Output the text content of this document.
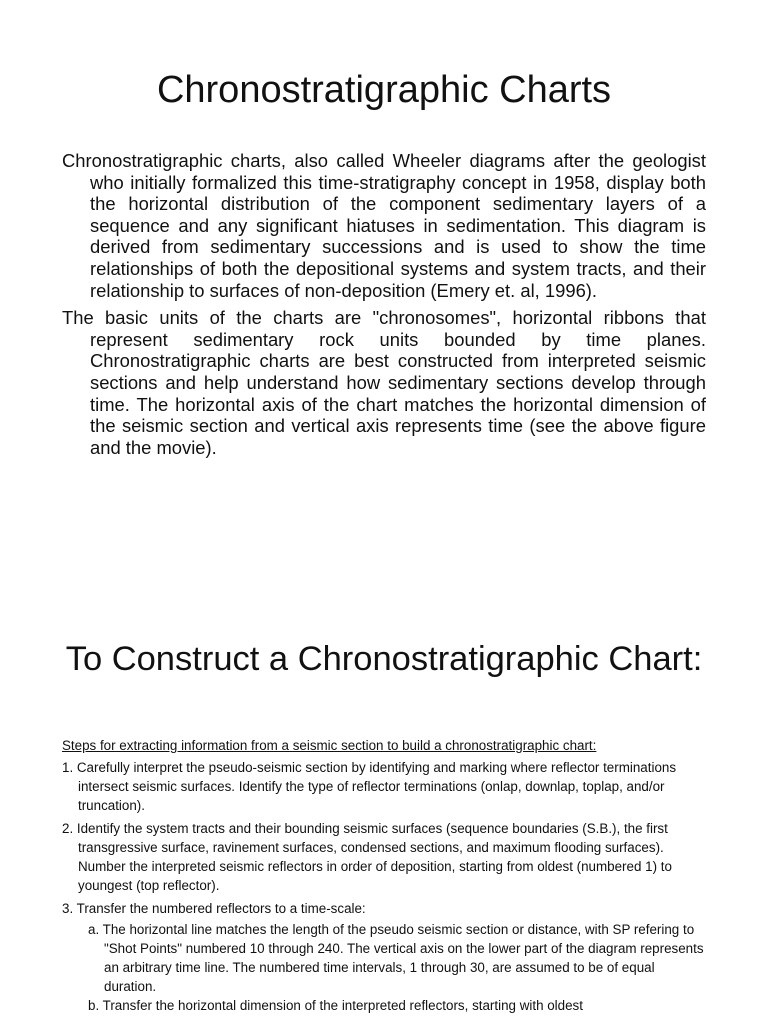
Chronostratigraphic Charts

Chronostratigraphic charts, also called Wheeler diagrams after the geologist who initially formalized this time-stratigraphy concept in 1958, display both the horizontal distribution of the component sedimentary layers of a sequence and any significant hiatuses in sedimentation. This diagram is derived from sedimentary successions and is used to show the time relationships of both the depositional systems and system tracts, and their relationship to surfaces of non-deposition (Emery et. al, 1996).

The basic units of the charts are "chronosomes", horizontal ribbons that represent sedimentary rock units bounded by time planes. Chronostratigraphic charts are best constructed from interpreted seismic sections and help understand how sedimentary sections develop through time. The horizontal axis of the chart matches the horizontal dimension of the seismic section and vertical axis represents time (see the above figure and the movie).

To Construct a Chronostratigraphic Chart:

Steps for extracting information from a seismic section to build a chronostratigraphic chart:

1. Carefully interpret the pseudo-seismic section by identifying and marking where reflector terminations intersect seismic surfaces. Identify the type of reflector terminations (onlap, downlap, toplap, and/or truncation).

2. Identify the system tracts and their bounding seismic surfaces (sequence boundaries (S.B.), the first transgressive surface, ravinement surfaces, condensed sections, and maximum flooding surfaces). Number the interpreted seismic reflectors in order of deposition, starting from oldest (numbered 1) to youngest (top reflector).

3. Transfer the numbered reflectors to a time-scale:

a. The horizontal line matches the length of the pseudo seismic section or distance, with SP refering to "Shot Points" numbered 10 through 240. The vertical axis on the lower part of the diagram represents an arbitrary time line. The numbered time intervals, 1 through 30, are assumed to be of equal duration.

b. Transfer the horizontal dimension of the interpreted reflectors, starting with oldest
